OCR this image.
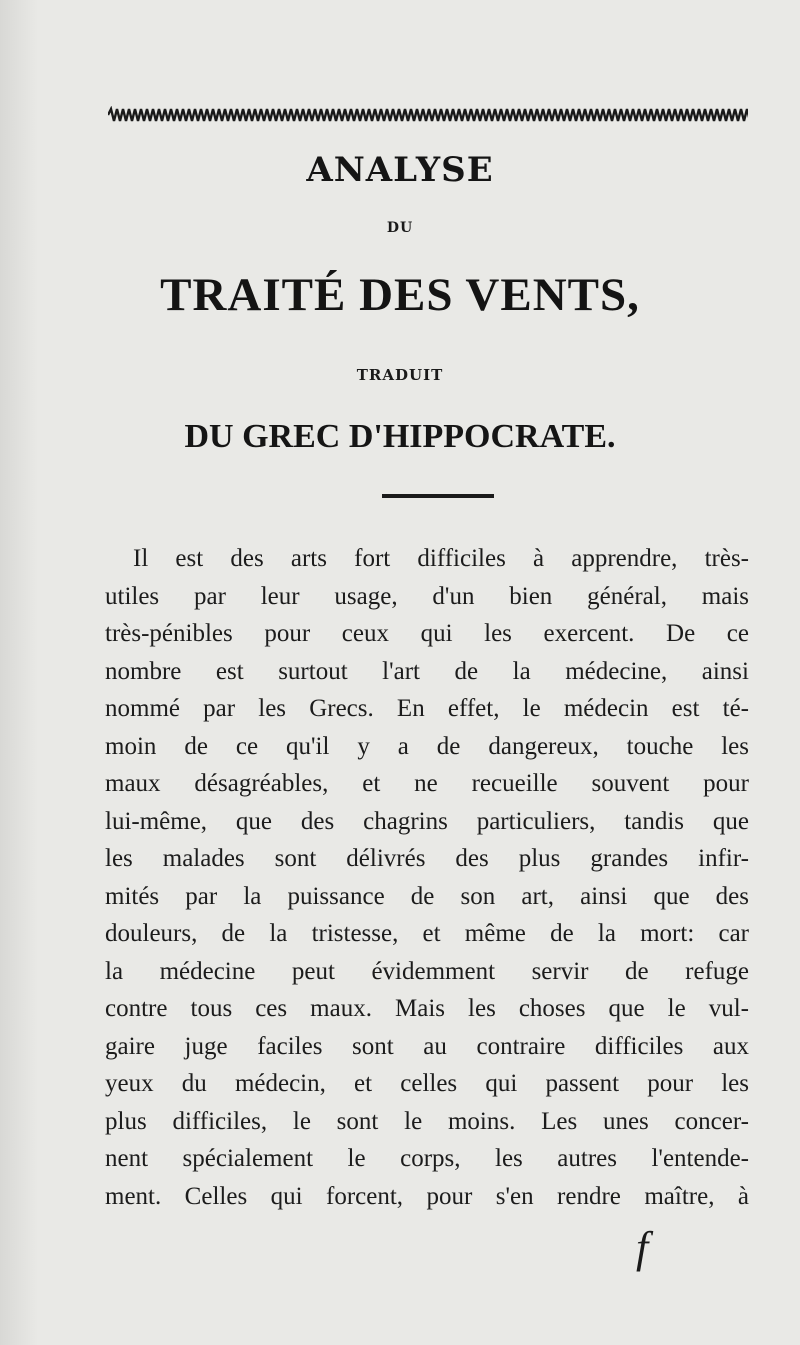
ANALYSE
DU
TRAITÉ DES VENTS,
TRADUIT
DU GREC D'HIPPOCRATE.
Il est des arts fort difficiles à apprendre, très-
utiles par leur usage, d'un bien général, mais
très-pénibles pour ceux qui les exercent. De ce
nombre est surtout l'art de la médecine, ainsi
nommé par les Grecs. En effet, le médecin est té-
moin de ce qu'il y a de dangereux, touche les
maux désagréables, et ne recueille souvent pour
lui-même, que des chagrins particuliers, tandis que
les malades sont délivrés des plus grandes infir-
mités par la puissance de son art, ainsi que des
douleurs, de la tristesse, et même de la mort: car
la médecine peut évidemment servir de refuge
contre tous ces maux. Mais les choses que le vul-
gaire juge faciles sont au contraire difficiles aux
yeux du médecin, et celles qui passent pour les
plus difficiles, le sont le moins. Les unes concer-
nent spécialement le corps, les autres l'entende-
ment. Celles qui forcent, pour s'en rendre maître, à
f
